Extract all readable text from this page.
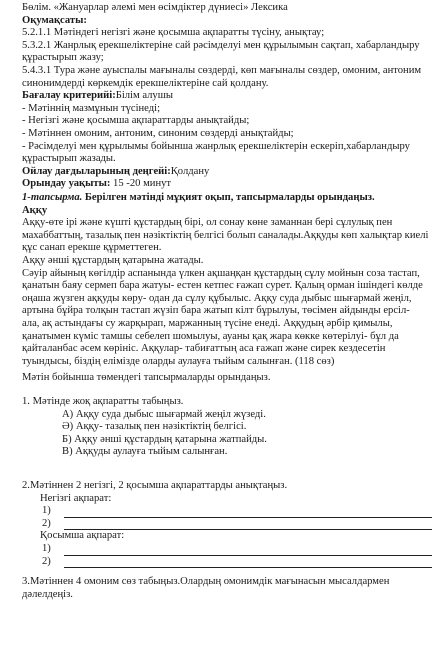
Бөлім. «Жануарлар әлемі мен өсімдіктер дүниесі» Лексика
Оқумақсаты:
5.2.1.1 Мәтіндегі негізгі және қосымша ақпаратты түсіну, анықтау;
5.3.2.1 Жанрлық ерекшеліктеріне сай рәсімделуі мен құрылымын сақтап, хабарландыру
құрастырып жазу;
5.4.3.1 Тура және ауыспалы мағыналы сөздерді, көп мағыналы сөздер, омоним, антоним
синонимдерді көркемдік ерекшеліктеріне сай қолдану.
Бағалау критерийі:Білім алушы
- Мәтіннің мазмұнын түсінеді;
- Негізгі және қосымша ақпараттарды анықтайды;
- Мәтіннен омоним, антоним, синоним сөздерді анықтайды;
- Рәсімделуі мен құрылымы бойынша жанрлық ерекшеліктерін ескеріп,хабарландыру
құрастырып жазады.
Ойлау дағдыларының деңгейі:Қолдану
Орындау уақыты: 15 -20 минут
1-тапсырма. Берілген мәтінді мұқият оқып, тапсырмаларды орындаңыз.
Аққу
Аққу-өте ірі және күшті құстардың бірі, ол сонау көне заманнан бері сұлулық пен
махаббаттың, тазалық пен нәзіктіктің белгісі болып саналады.Аққуды көп халықтар киелі
құс санап ерекше құрметтеген.
Аққу әнші құстардың қатарына жатады.
Сәуір айының көгілдір аспанында үлкен ақшаңқан құстардың сұлу мойнын соза тастап,
қанатын баяу сермеп бара жатуы- естен кетпес ғажап сурет. Қалың орман ішіндегі көлде
оңаша жүзген аққуды көру- одан да сұлу құбылыс. Аққу суда дыбыс шығармай жеңіл,
артына бұйра толқын тастап жүзіп бара жатып кілт бұрылуы, төсімен айдынды ерсіл-
ала, ақ астындағы су жарқырап, маржанның түсіне енеді. Аққудың әрбір қимылы,
қанатымен күміс тамшы себелеп шомылуы, ауаны қақ жара көкке көтерілуі- бұл да
қайталанбас әсем көрініс. Аққулар- табиғаттың аса ғажап және сирек кездесетін
туындысы, біздің елімізде оларды аулауға тыйым салынған. (118 сөз)
Мәтін бойынша төмендегі тапсырмаларды орындаңыз.
1. Мәтінде жоқ ақпаратты табыңыз.
А) Аққу суда дыбыс шығармай жеңіл жүзеді.
Ә) Аққу- тазалық пен нәзіктіктің белгісі.
Б) Аққу әнші құстардың қатарына жатпайды.
В) Аққуды аулауға тыйым салынған.
2.Мәтіннен 2 негізгі, 2 қосымша ақпараттарды анықтаңыз.
Негізгі ақпарат:
1)
2)
Қосымша ақпарат:
1)
2)
3.Мәтіннен 4 омоним сөз табыңыз.Олардың омонимдік мағынасын мысалдармен
дәлелдеңіз.
